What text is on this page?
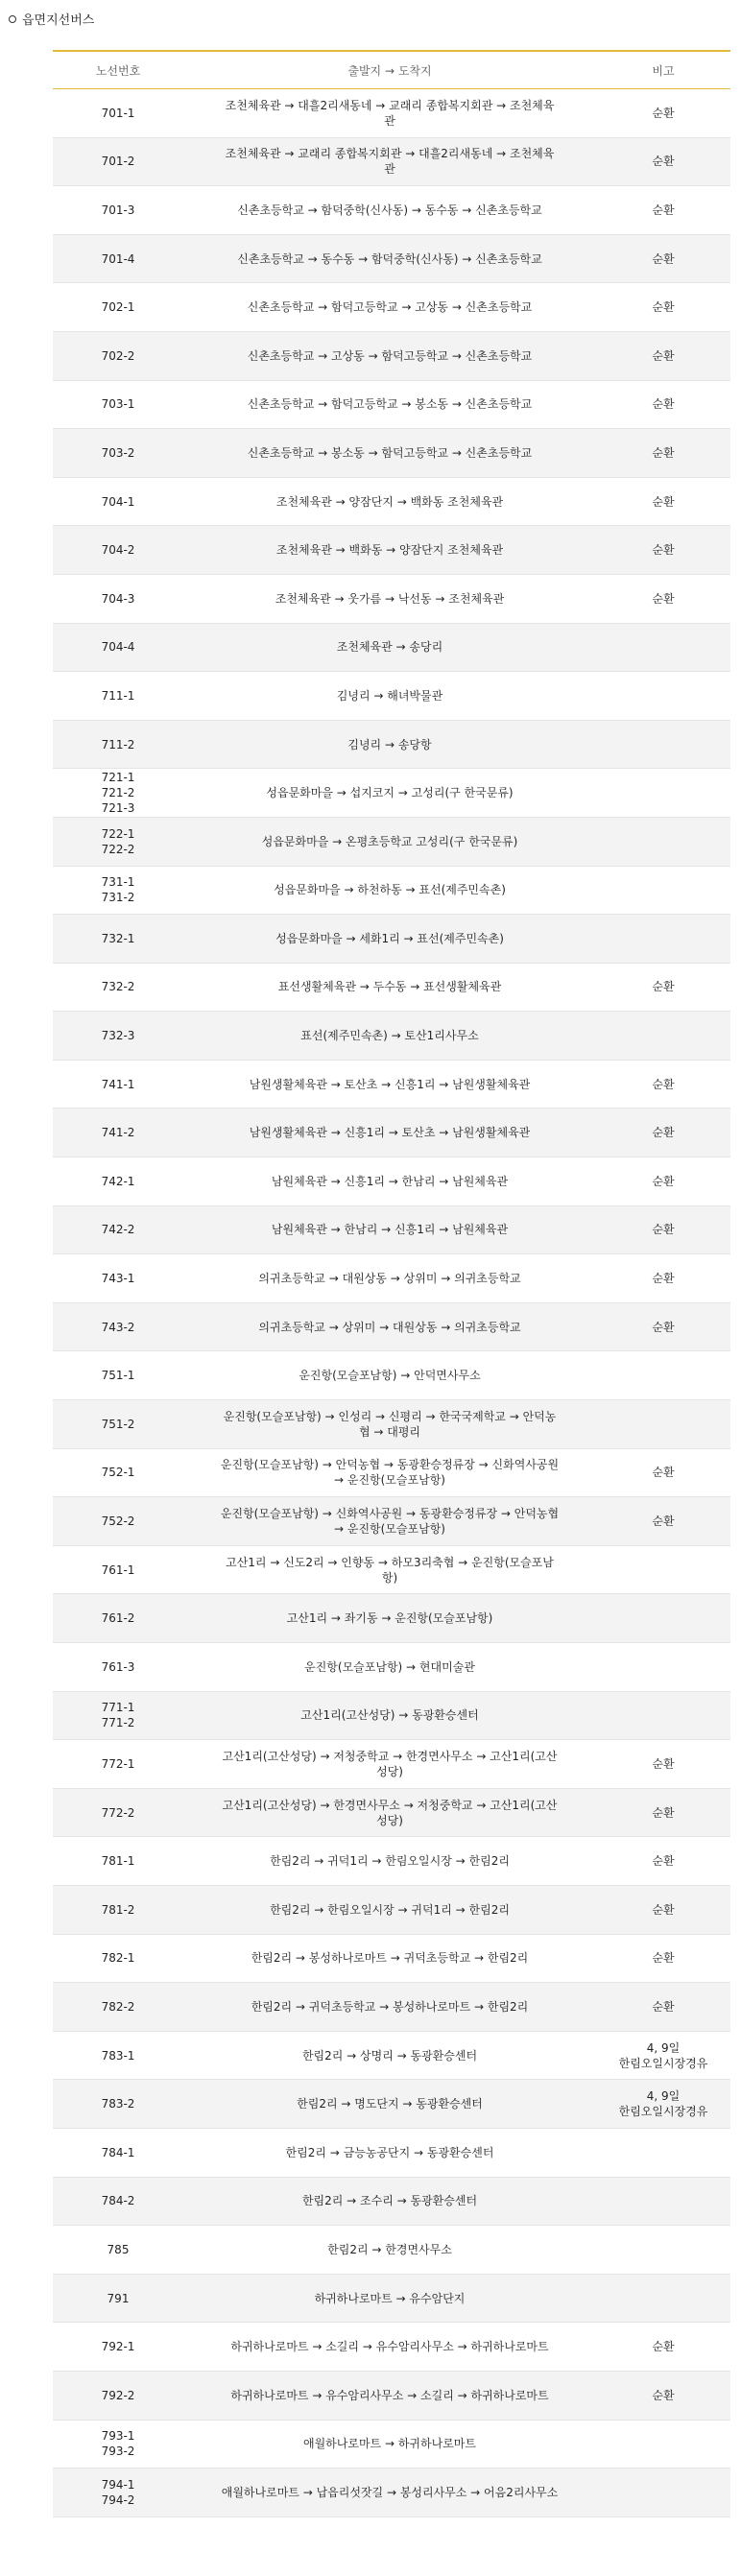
읍면지선버스
노선번호	출발지 → 도착지	비고

701-1	조천체육관 → 대흘2리새동네 → 교래리 종합복지회관 → 조천체육관	순환

701-2	조천체육관 → 교래리 종합복지회관 → 대흘2리새동네 → 조천체육관	순환

701-3	신촌초등학교 → 함덕중학(신사동) → 동수동 → 신촌초등학교	순환

701-4	신촌초등학교 → 동수동 → 함덕중학(신사동) → 신촌초등학교	순환

702-1	신촌초등학교 → 함덕고등학교 → 고상동 → 신촌초등학교	순환

702-2	신촌초등학교 → 고상동 → 함덕고등학교 → 신촌초등학교	순환

703-1	신촌초등학교 → 함덕고등학교 → 봉소동 → 신촌초등학교	순환

703-2	신촌초등학교 → 봉소동 → 함덕고등학교 → 신촌초등학교	순환

704-1	조천체육관 → 양잠단지 → 백화동 조천체육관	순환

704-2	조천체육관 → 백화동 → 양잠단지 조천체육관	순환

704-3	조천체육관 → 웃가름 → 낙선동 → 조천체육관	순환

704-4	조천체육관 → 송당리	

711-1	김녕리 → 해녀박물관	

711-2	김녕리 → 송당항	

721-1
721-2
721-3	성읍문화마을 → 섭지코지 → 고성리(구 한국문류)	

722-1
722-2	성읍문화마을 → 온평초등학교 고성리(구 한국문류)	

731-1
731-2	성읍문화마을 → 하천하동 → 표선(제주민속촌)	

732-1	성읍문화마을 → 세화1리 → 표선(제주민속촌)	

732-2	표선생활체육관 → 두수동 → 표선생활체육관	순환

732-3	표선(제주민속촌) → 토산1리사무소	

741-1	남원생활체육관 → 토산초 → 신흥1리 → 남원생활체육관	순환

741-2	남원생활체육관 → 신흥1리 → 토산초 → 남원생활체육관	순환

742-1	남원체육관 → 신흥1리 → 한남리 → 남원체육관	순환

742-2	남원체육관 → 한남리 → 신흥1리 → 남원체육관	순환

743-1	의귀초등학교 → 대원상동 → 상위미 → 의귀초등학교	순환

743-2	의귀초등학교 → 상위미 → 대원상동 → 의귀초등학교	순환

751-1	운진항(모슬포남항) → 안덕면사무소	

751-2	운진항(모슬포남항) → 인성리 → 신평리 → 한국국제학교 → 안덕농협 → 대평리	

752-1	운진항(모슬포남항) → 안덕농협 → 동광환승정류장 → 신화역사공원 → 운진항(모슬포남항)	순환

752-2	운진항(모슬포남항) → 신화역사공원 → 동광환승정류장 → 안덕농협 → 운진항(모슬포남항)	순환

761-1	고산1리 → 신도2리 → 인향동 → 하모3리축협 → 운진항(모슬포남항)	

761-2	고산1리 → 좌기동 → 운진항(모슬포남항)	

761-3	운진항(모슬포남항) → 현대미술관	

771-1
771-2	고산1리(고산성당) → 동광환승센터	

772-1	고산1리(고산성당) → 저청중학교 → 한경면사무소 → 고산1리(고산성당)	순환

772-2	고산1리(고산성당) → 한경면사무소 → 저청중학교 → 고산1리(고산성당)	순환

781-1	한림2리 → 귀덕1리 → 한림오일시장 → 한림2리	순환

781-2	한림2리 → 한림오일시장 → 귀덕1리 → 한림2리	순환

782-1	한림2리 → 봉성하나로마트 → 귀덕초등학교 → 한림2리	순환

782-2	한림2리 → 귀덕초등학교 → 봉성하나로마트 → 한림2리	순환

783-1	한림2리 → 상명리 → 동광환승센터	4, 9일
한림오일시장경유

783-2	한림2리 → 명도단지 → 동광환승센터	4, 9일
한림오일시장경유

784-1	한림2리 → 금능농공단지 → 동광환승센터	

784-2	한림2리 → 조수리 → 동광환승센터	

785	한림2리 → 한경면사무소	

791	하귀하나로마트 → 유수암단지	

792-1	하귀하나로마트 → 소길리 → 유수암리사무소 → 하귀하나로마트	순환

792-2	하귀하나로마트 → 유수암리사무소 → 소길리 → 하귀하나로마트	순환

793-1
793-2	애월하나로마트 → 하귀하나로마트	

794-1
794-2	애월하나로마트 → 납읍리섯잣길 → 봉성리사무소 → 어음2리사무소	
